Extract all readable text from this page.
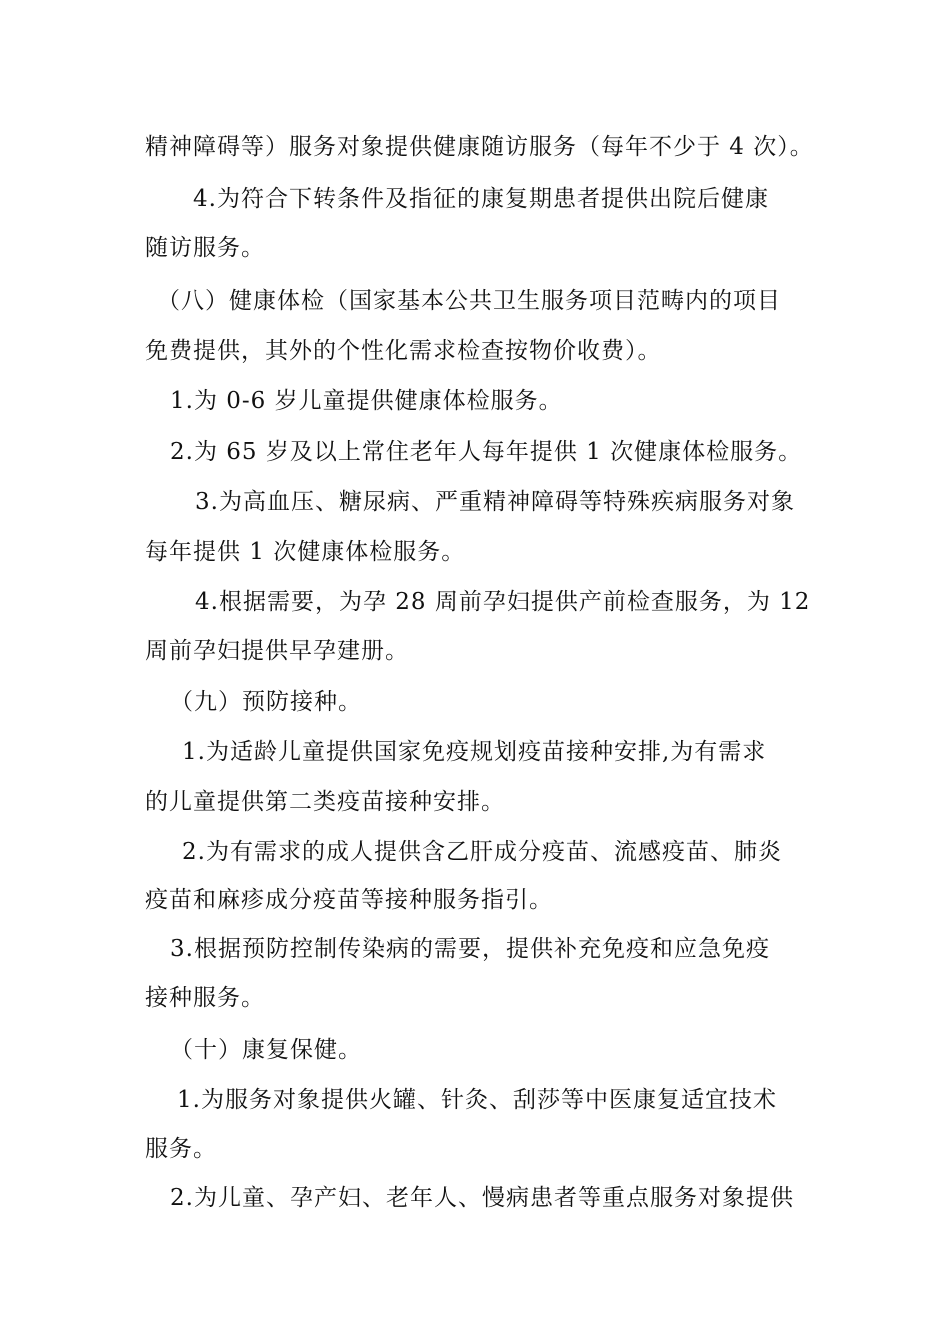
精神障碍等）服务对象提供健康随访服务（每年不少于 4 次）。
4.为符合下转条件及指征的康复期患者提供出院后健康
随访服务。
（八）健康体检（国家基本公共卫生服务项目范畴内的项目
免费提供，其外的个性化需求检查按物价收费）。
1.为 0-6 岁儿童提供健康体检服务。
2.为 65 岁及以上常住老年人每年提供 1 次健康体检服务。
3.为高血压、糖尿病、严重精神障碍等特殊疾病服务对象
每年提供 1 次健康体检服务。
4.根据需要，为孕 28 周前孕妇提供产前检查服务，为 12
周前孕妇提供早孕建册。
（九）预防接种。
1.为适龄儿童提供国家免疫规划疫苗接种安排,为有需求
的儿童提供第二类疫苗接种安排。
2.为有需求的成人提供含乙肝成分疫苗、流感疫苗、肺炎
疫苗和麻疹成分疫苗等接种服务指引。
3.根据预防控制传染病的需要，提供补充免疫和应急免疫
接种服务。
（十）康复保健。
1.为服务对象提供火罐、针灸、刮莎等中医康复适宜技术
服务。
2.为儿童、孕产妇、老年人、慢病患者等重点服务对象提供
